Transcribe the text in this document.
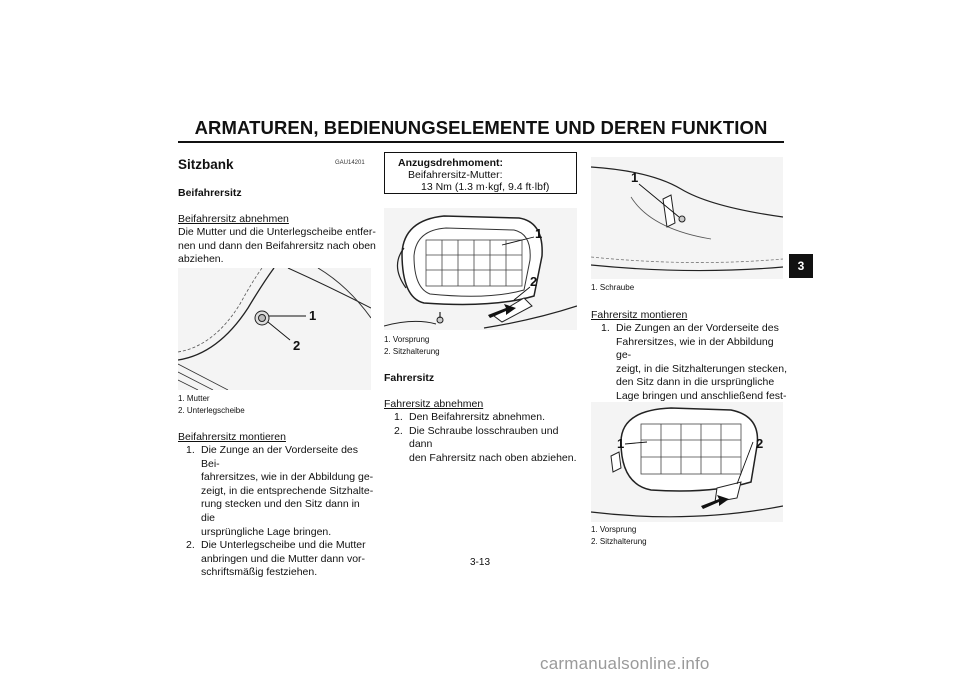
ARMATUREN, BEDIENUNGSELEMENTE UND DEREN FUNKTION
3
GAU14201
Sitzbank
Beifahrersitz
Beifahrersitz abnehmen
Die Mutter und die Unterlegscheibe entfer-
nen und dann den Beifahrersitz nach oben
abziehen.
1
2
1. Mutter
2. Unterlegscheibe
Beifahrersitz montieren
1. Die Zunge an der Vorderseite des Bei-
fahrersitzes, wie in der Abbildung ge-
zeigt, in die entsprechende Sitzhalte-
rung stecken und den Sitz dann in die
ursprüngliche Lage bringen.
2. Die Unterlegscheibe und die Mutter
anbringen und die Mutter dann vor-
schriftsmäßig festziehen.
Anzugsdrehmoment:
Beifahrersitz-Mutter:
13 Nm (1.3 m·kgf, 9.4 ft·lbf)
1
2
1. Vorsprung
2. Sitzhalterung
Fahrersitz
Fahrersitz abnehmen
1. Den Beifahrersitz abnehmen.
2. Die Schraube losschrauben und dann
den Fahrersitz nach oben abziehen.
1
1. Schraube
Fahrersitz montieren
1. Die Zungen an der Vorderseite des
Fahrersitzes, wie in der Abbildung ge-
zeigt, in die Sitzhalterungen stecken,
den Sitz dann in die ursprüngliche
Lage bringen und anschließend fest-
1	2
1. Vorsprung
2. Sitzhalterung
3-13
carmanualsonline.info
